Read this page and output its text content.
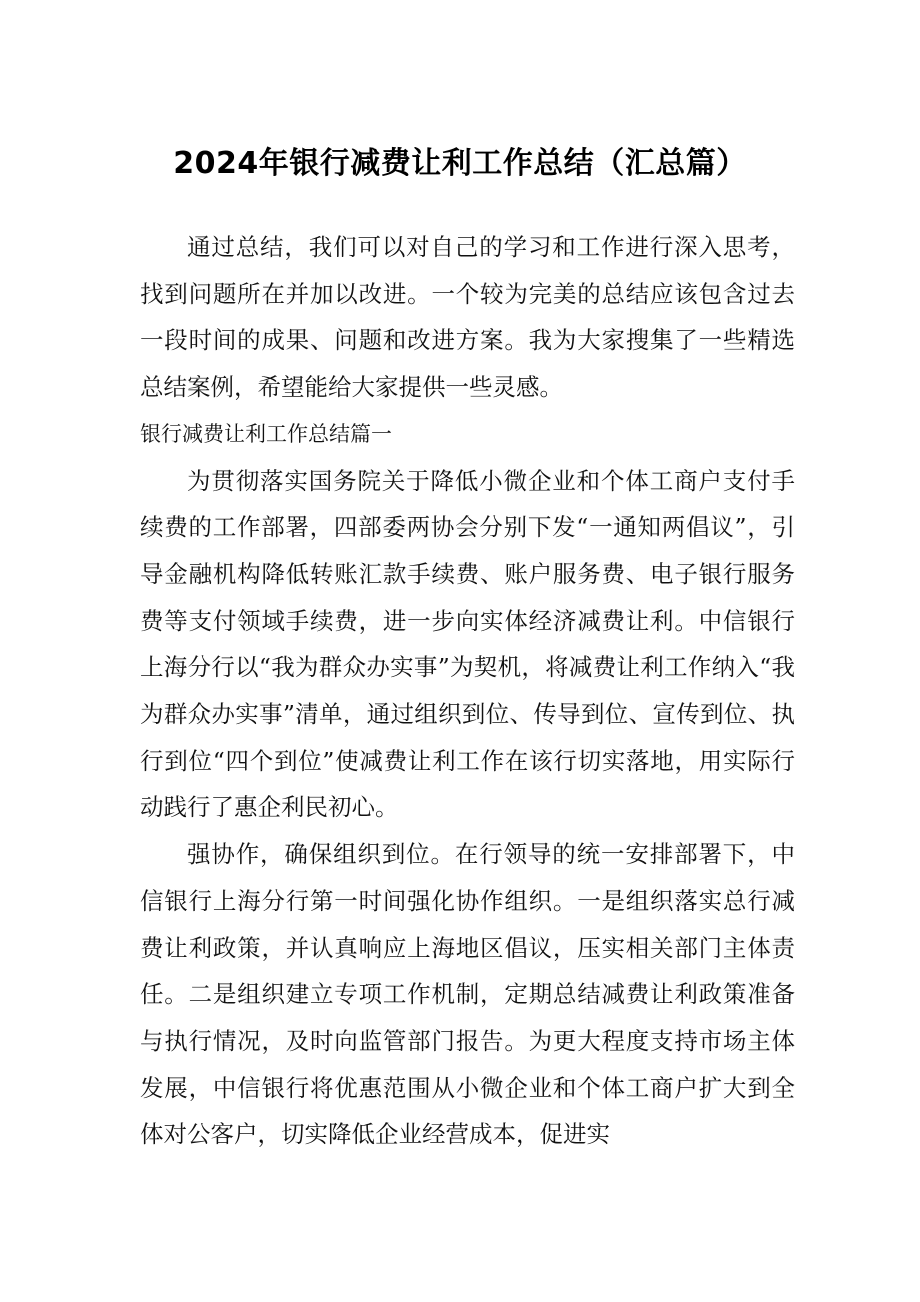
2024年银行减费让利工作总结（汇总篇）

通过总结，我们可以对自己的学习和工作进行深入思考，找到问题所在并加以改进。一个较为完美的总结应该包含过去一段时间的成果、问题和改进方案。我为大家搜集了一些精选总结案例，希望能给大家提供一些灵感。

银行减费让利工作总结篇一

为贯彻落实国务院关于降低小微企业和个体工商户支付手续费的工作部署，四部委两协会分别下发“一通知两倡议”，引导金融机构降低转账汇款手续费、账户服务费、电子银行服务费等支付领域手续费，进一步向实体经济减费让利。中信银行上海分行以“我为群众办实事”为契机，将减费让利工作纳入“我为群众办实事”清单，通过组织到位、传导到位、宣传到位、执行到位“四个到位”使减费让利工作在该行切实落地，用实际行动践行了惠企利民初心。

强协作，确保组织到位。在行领导的统一安排部署下，中信银行上海分行第一时间强化协作组织。一是组织落实总行减费让利政策，并认真响应上海地区倡议，压实相关部门主体责任。二是组织建立专项工作机制，定期总结减费让利政策准备与执行情况，及时向监管部门报告。为更大程度支持市场主体发展，中信银行将优惠范围从小微企业和个体工商户扩大到全体对公客户，切实降低企业经营成本，促进实
